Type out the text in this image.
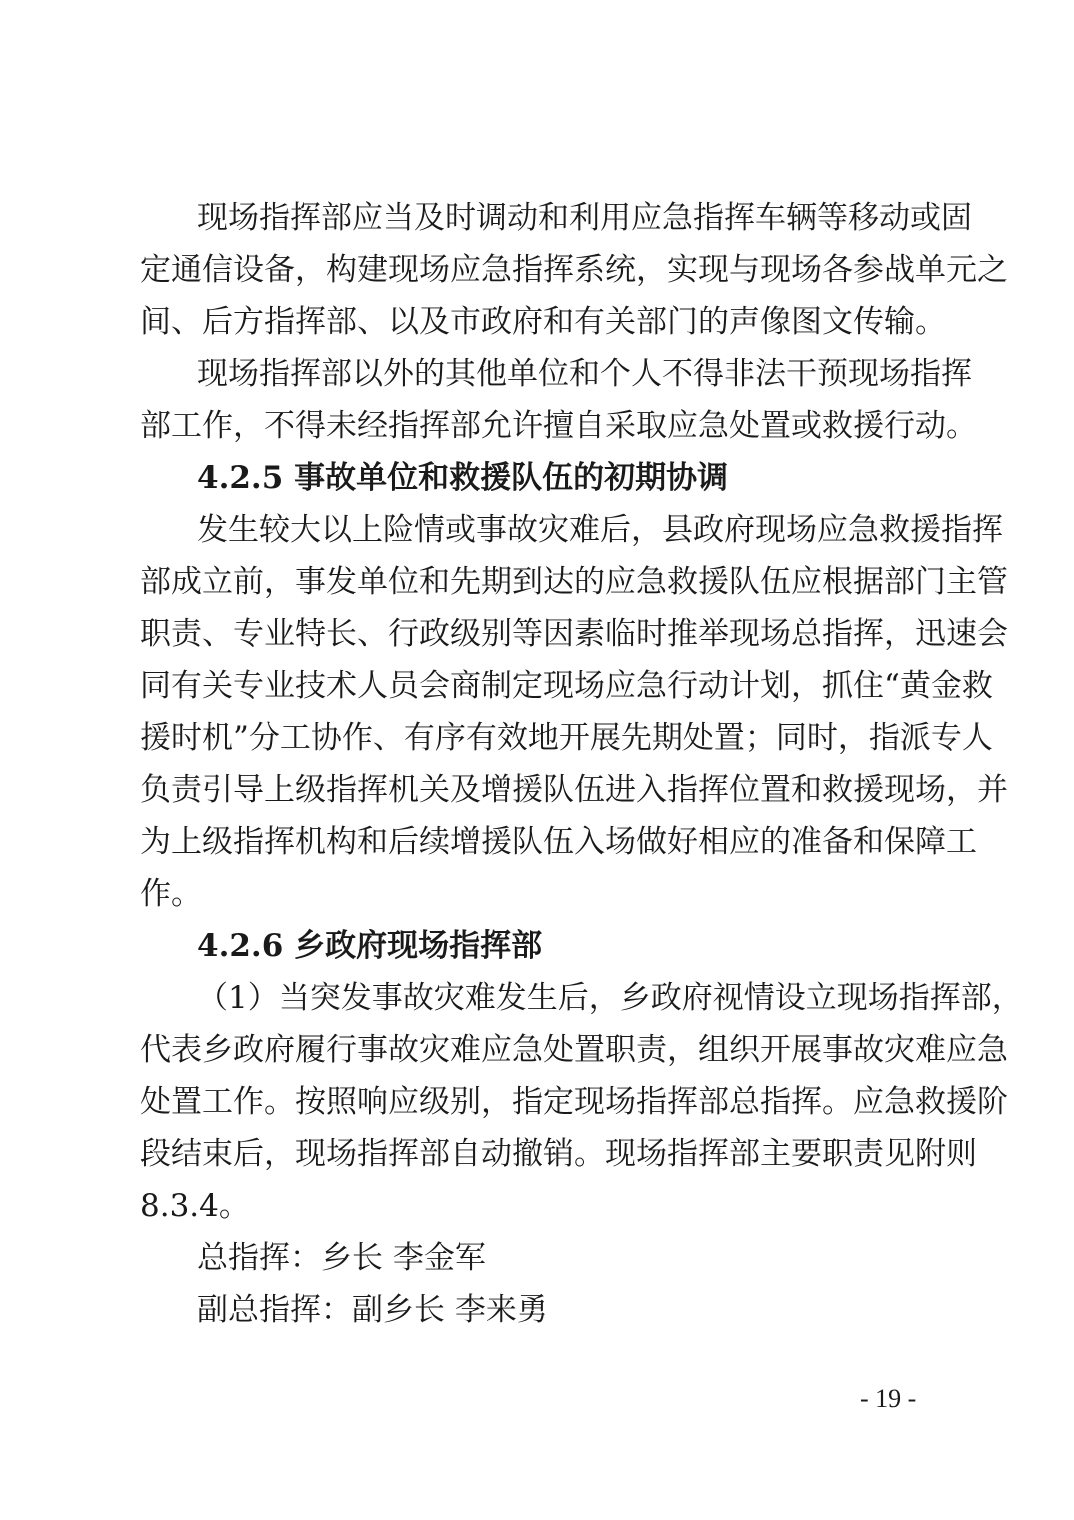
现场指挥部应当及时调动和利用应急指挥车辆等移动或固
定通信设备，构建现场应急指挥系统，实现与现场各参战单元之
间、后方指挥部、以及市政府和有关部门的声像图文传输。
现场指挥部以外的其他单位和个人不得非法干预现场指挥
部工作，不得未经指挥部允许擅自采取应急处置或救援行动。
4.2.5 事故单位和救援队伍的初期协调
发生较大以上险情或事故灾难后，县政府现场应急救援指挥
部成立前，事发单位和先期到达的应急救援队伍应根据部门主管
职责、专业特长、行政级别等因素临时推举现场总指挥，迅速会
同有关专业技术人员会商制定现场应急行动计划，抓住“黄金救
援时机”分工协作、有序有效地开展先期处置；同时，指派专人
负责引导上级指挥机关及增援队伍进入指挥位置和救援现场，并
为上级指挥机构和后续增援队伍入场做好相应的准备和保障工
作。
4.2.6 乡政府现场指挥部
（1）当突发事故灾难发生后，乡政府视情设立现场指挥部，
代表乡政府履行事故灾难应急处置职责，组织开展事故灾难应急
处置工作。按照响应级别，指定现场指挥部总指挥。应急救援阶
段结束后，现场指挥部自动撤销。现场指挥部主要职责见附则
8.3.4。
总指挥：乡长 李金军
副总指挥：副乡长 李来勇
- 19 -
